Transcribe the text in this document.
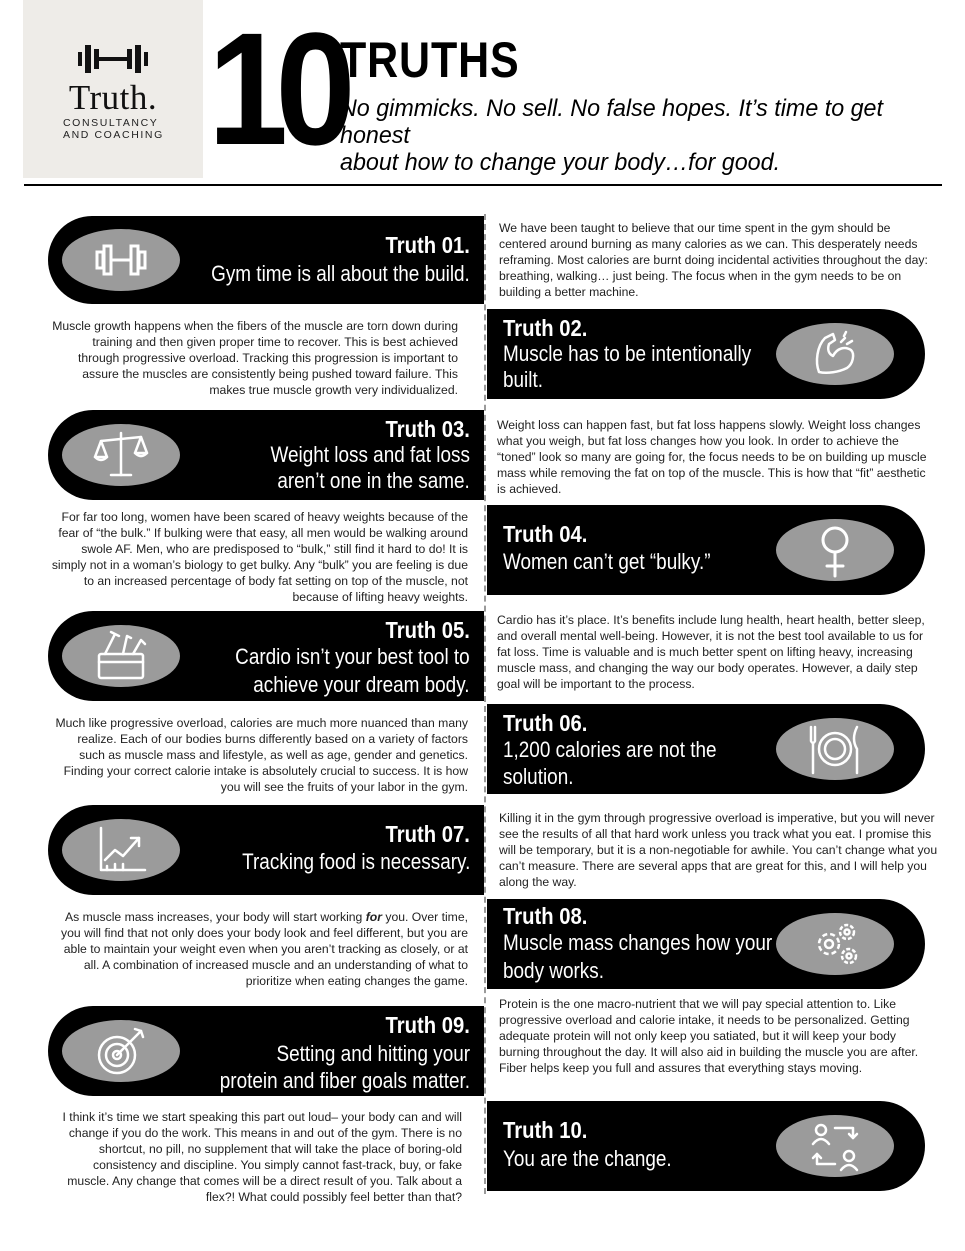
Truth.
CONSULTANCY
AND COACHING 10
TRUTHS
No gimmicks. No sell. No false hopes. It’s time to get honest
about how to change your body…for good.
Truth 01.
Gym time is all about the build.
We have been taught to believe that our time spent in the gym should be centered around burning as many calories as we can. This desperately needs reframing. Most calories are burnt doing incidental activities throughout the day: breathing, walking… just being. The focus when in the gym needs to be on building a better machine.
Truth 02.
Muscle has to be intentionally
built.
Muscle growth happens when the fibers of the muscle are torn down during training and then given proper time to recover. This is best achieved through progressive overload. Tracking this progression is important to assure the muscles are consistently being pushed toward failure. This makes true muscle growth very individualized.
Truth 03.
Weight loss and fat loss
aren’t one in the same.
Weight loss can happen fast, but fat loss happens slowly. Weight loss changes what you weigh, but fat loss changes how you look. In order to achieve the “toned” look so many are going for, the focus needs to be on building up muscle mass while removing the fat on top of the muscle. This is how that “fit” aesthetic is achieved.
Truth 04.
Women can’t get “bulky.”
For far too long, women have been scared of heavy weights because of the fear of “the bulk.” If bulking were that easy, all men would be walking around swole AF. Men, who are predisposed to “bulk,” still find it hard to do! It is simply not in a woman’s biology to get bulky. Any “bulk” you are feeling is due to an increased percentage of body fat setting on top of the muscle, not because of lifting heavy weights.
Truth 05.
Cardio isn’t your best tool to
achieve your dream body.
Cardio has it’s place. It’s benefits include lung health, heart health, better sleep, and overall mental well-being. However, it is not the best tool available to us for fat loss. Time is valuable and is much better spent on lifting heavy, increasing muscle mass, and changing the way our body operates. However, a daily step goal will be important to the process.
Truth 06.
1,200 calories are not the
solution.
Much like progressive overload, calories are much more nuanced than many realize. Each of our bodies burns differently based on a variety of factors such as muscle mass and lifestyle, as well as age, gender and genetics. Finding your correct calorie intake is absolutely crucial to success. It is how you will see the fruits of your labor in the gym.
Truth 07.
Tracking food is necessary.
Killing it in the gym through progressive overload is imperative, but you will never see the results of all that hard work unless you track what you eat. I promise this will be temporary, but it is a non-negotiable for awhile. You can’t change what you can’t measure. There are several apps that are great for this, and I will help you along the way.
Truth 08.
Muscle mass changes how your
body works.
As muscle mass increases, your body will start working for you. Over time, you will find that not only does your body look and feel different, but you are able to maintain your weight even when you aren’t tracking as closely, or at all. A combination of increased muscle and an understanding of what to prioritize when eating changes the game.
Truth 09.
Setting and hitting your
protein and fiber goals matter.
Protein is the one macro-nutrient that we will pay special attention to. Like progressive overload and calorie intake, it needs to be personalized. Getting adequate protein will not only keep you satiated, but it will keep your body burning throughout the day. It will also aid in building the muscle you are after. Fiber helps keep you full and assures that everything stays moving.
Truth 10.
You are the change.
I think it’s time we start speaking this part out loud– your body can and will change if you do the work. This means in and out of the gym. There is no shortcut, no pill, no supplement that will take the place of boring-old consistency and discipline. You simply cannot fast-track, buy, or fake muscle. Any change that comes will be a direct result of you. Talk about a flex?! What could possibly feel better than that?
